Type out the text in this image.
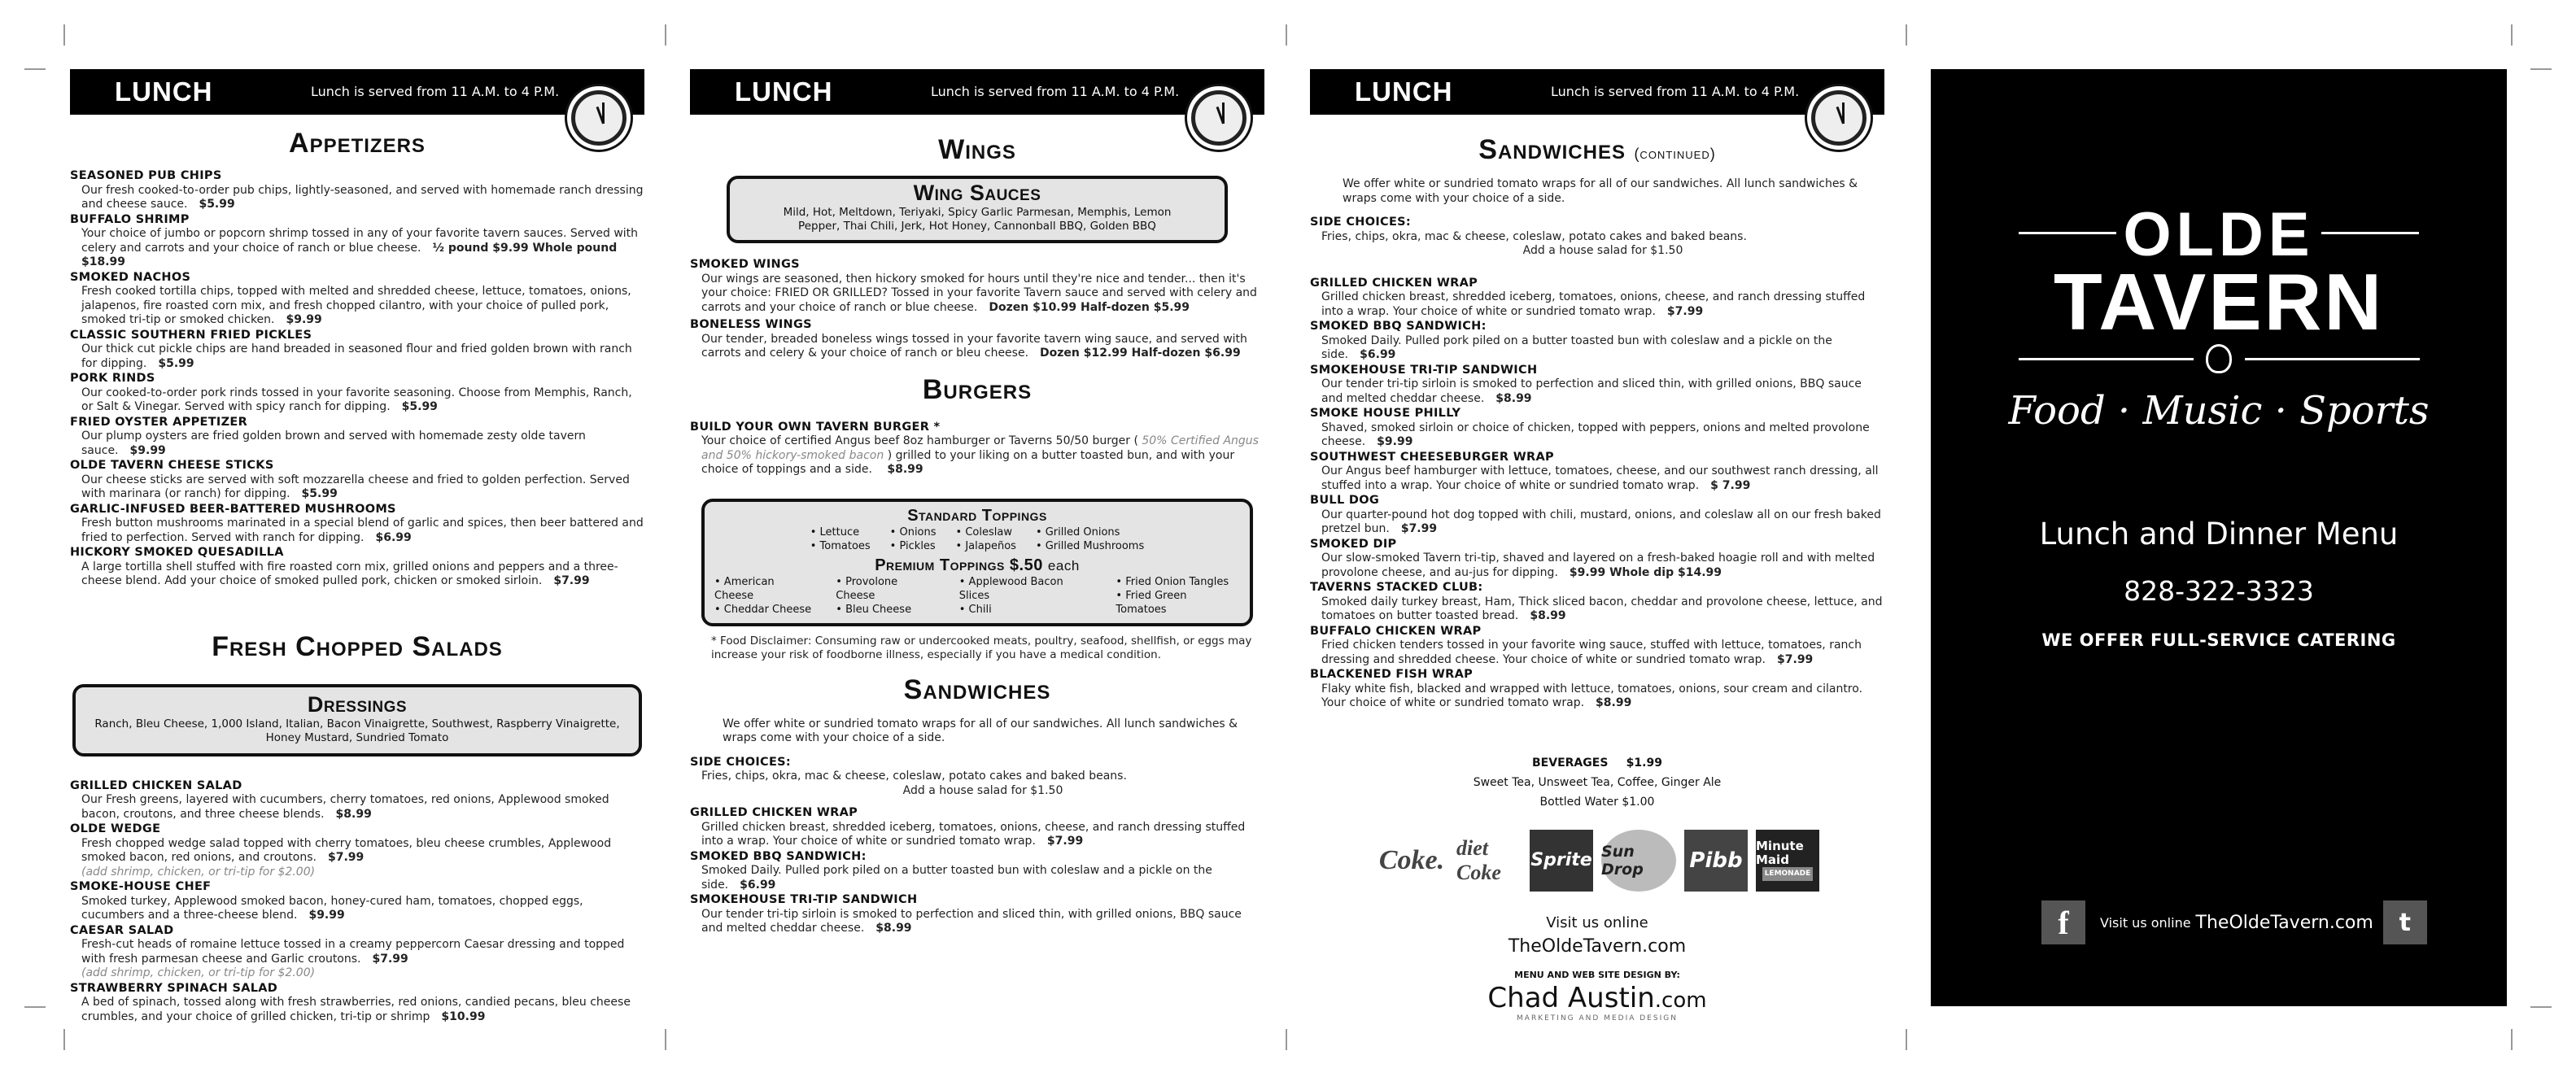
LUNCH	Lunch is served from 11 A.M. to 4 P.M.
Appetizers
SEASONED PUB CHIPS
Our fresh cooked-to-order pub chips, lightly-seasoned, and served with homemade ranch dressing and cheese sauce. $5.99
BUFFALO SHRIMP
Your choice of jumbo or popcorn shrimp tossed in any of your favorite tavern sauces. Served with celery and carrots and your choice of ranch or blue cheese. ½ pound $9.99 Whole pound $18.99
SMOKED NACHOS
Fresh cooked tortilla chips, topped with melted and shredded cheese, lettuce, tomatoes, onions, jalapenos, fire roasted corn mix, and fresh chopped cilantro, with your choice of pulled pork, smoked tri-tip or smoked chicken. $9.99
CLASSIC SOUTHERN FRIED PICKLES
Our thick cut pickle chips are hand breaded in seasoned flour and fried golden brown with ranch for dipping. $5.99
PORK RINDS
Our cooked-to-order pork rinds tossed in your favorite seasoning. Choose from Memphis, Ranch, or Salt & Vinegar. Served with spicy ranch for dipping. $5.99
FRIED OYSTER APPETIZER
Our plump oysters are fried golden brown and served with homemade zesty olde tavern sauce. $9.99
OLDE TAVERN CHEESE STICKS
Our cheese sticks are served with soft mozzarella cheese and fried to golden perfection. Served with marinara (or ranch) for dipping. $5.99
GARLIC-INFUSED BEER-BATTERED MUSHROOMS
Fresh button mushrooms marinated in a special blend of garlic and spices, then beer battered and fried to perfection. Served with ranch for dipping. $6.99
HICKORY SMOKED QUESADILLA
A large tortilla shell stuffed with fire roasted corn mix, grilled onions and peppers and a three-cheese blend. Add your choice of smoked pulled pork, chicken or smoked sirloin. $7.99
Fresh Chopped Salads
Dressings
Ranch, Bleu Cheese, 1,000 Island, Italian, Bacon Vinaigrette, Southwest, Raspberry Vinaigrette, Honey Mustard, Sundried Tomato
GRILLED CHICKEN SALAD
Our Fresh greens, layered with cucumbers, cherry tomatoes, red onions, Applewood smoked bacon, croutons, and three cheese blends. $8.99
OLDE WEDGE
Fresh chopped wedge salad topped with cherry tomatoes, bleu cheese crumbles, Applewood smoked bacon, red onions, and croutons. $7.99
(add shrimp, chicken, or tri-tip for $2.00)
SMOKE-HOUSE CHEF
Smoked turkey, Applewood smoked bacon, honey-cured ham, tomatoes, chopped eggs, cucumbers and a three-cheese blend. $9.99
CAESAR SALAD
Fresh-cut heads of romaine lettuce tossed in a creamy peppercorn Caesar dressing and topped with fresh parmesan cheese and Garlic croutons. $7.99
(add shrimp, chicken, or tri-tip for $2.00)
STRAWBERRY SPINACH SALAD
A bed of spinach, tossed along with fresh strawberries, red onions, candied pecans, bleu cheese crumbles, and your choice of grilled chicken, tri-tip or shrimp $10.99
LUNCH	Lunch is served from 11 A.M. to 4 P.M.
Wings
Wing Sauces
Mild, Hot, Meltdown, Teriyaki, Spicy Garlic Parmesan, Memphis, Lemon Pepper, Thai Chili, Jerk, Hot Honey, Cannonball BBQ, Golden BBQ
SMOKED WINGS
Our wings are seasoned, then hickory smoked for hours until they're nice and tender... then it's your choice: FRIED OR GRILLED? Tossed in your favorite Tavern sauce and served with celery and carrots and your choice of ranch or blue cheese. Dozen $10.99 Half-dozen $5.99
BONELESS WINGS
Our tender, breaded boneless wings tossed in your favorite tavern wing sauce, and served with carrots and celery & your choice of ranch or bleu cheese. Dozen $12.99 Half-dozen $6.99
Burgers
BUILD YOUR OWN TAVERN BURGER *
Your choice of certified Angus beef 8oz hamburger or Taverns 50/50 burger ( 50% Certified Angus and 50% hickory-smoked bacon ) grilled to your liking on a butter toasted bun, and with your choice of toppings and a side. $8.99
Standard Toppings
• Lettuce
• Tomatoes
• Onions
• Pickles
• Coleslaw
• Jalapeños
• Grilled Onions
• Grilled Mushrooms
Premium Toppings $.50 each
• American Cheese
• Cheddar Cheese
• Provolone Cheese
• Bleu Cheese
• Applewood Bacon Slices
• Chili
• Fried Onion Tangles
• Fried Green Tomatoes
* Food Disclaimer: Consuming raw or undercooked meats, poultry, seafood, shellfish, or eggs may increase your risk of foodborne illness, especially if you have a medical condition.
Sandwiches
We offer white or sundried tomato wraps for all of our sandwiches. All lunch sandwiches & wraps come with your choice of a side.
SIDE CHOICES:
Fries, chips, okra, mac & cheese, coleslaw, potato cakes and baked beans.
Add a house salad for $1.50
GRILLED CHICKEN WRAP
Grilled chicken breast, shredded iceberg, tomatoes, onions, cheese, and ranch dressing stuffed into a wrap. Your choice of white or sundried tomato wrap. $7.99
SMOKED BBQ SANDWICH:
Smoked Daily. Pulled pork piled on a butter toasted bun with coleslaw and a pickle on the side. $6.99
SMOKEHOUSE TRI-TIP SANDWICH
Our tender tri-tip sirloin is smoked to perfection and sliced thin, with grilled onions, BBQ sauce and melted cheddar cheese. $8.99
LUNCH	Lunch is served from 11 A.M. to 4 P.M.
Sandwiches (continued)
We offer white or sundried tomato wraps for all of our sandwiches. All lunch sandwiches & wraps come with your choice of a side.
SIDE CHOICES:
Fries, chips, okra, mac & cheese, coleslaw, potato cakes and baked beans.
Add a house salad for $1.50
GRILLED CHICKEN WRAP
Grilled chicken breast, shredded iceberg, tomatoes, onions, cheese, and ranch dressing stuffed into a wrap. Your choice of white or sundried tomato wrap. $7.99
SMOKED BBQ SANDWICH:
Smoked Daily. Pulled pork piled on a butter toasted bun with coleslaw and a pickle on the side. $6.99
SMOKEHOUSE TRI-TIP SANDWICH
Our tender tri-tip sirloin is smoked to perfection and sliced thin, with grilled onions, BBQ sauce and melted cheddar cheese. $8.99
SMOKE HOUSE PHILLY
Shaved, smoked sirloin or choice of chicken, topped with peppers, onions and melted provolone cheese. $9.99
SOUTHWEST CHEESEBURGER WRAP
Our Angus beef hamburger with lettuce, tomatoes, cheese, and our southwest ranch dressing, all stuffed into a wrap. Your choice of white or sundried tomato wrap. $ 7.99
BULL DOG
Our quarter-pound hot dog topped with chili, mustard, onions, and coleslaw all on our fresh baked pretzel bun. $7.99
SMOKED DIP
Our slow-smoked Tavern tri-tip, shaved and layered on a fresh-baked hoagie roll and with melted provolone cheese, and au-jus for dipping. $9.99 Whole dip $14.99
TAVERNS STACKED CLUB:
Smoked daily turkey breast, Ham, Thick sliced bacon, cheddar and provolone cheese, lettuce, and tomatoes on butter toasted bread. $8.99
BUFFALO CHICKEN WRAP
Fried chicken tenders tossed in your favorite wing sauce, stuffed with lettuce, tomatoes, ranch dressing and shredded cheese. Your choice of white or sundried tomato wrap. $7.99
BLACKENED FISH WRAP
Flaky white fish, blacked and wrapped with lettuce, tomatoes, onions, sour cream and cilantro. Your choice of white or sundried tomato wrap. $8.99
BEVERAGES $1.99
Sweet Tea, Unsweet Tea, Coffee, Ginger Ale
Bottled Water $1.00
Coke. diet Coke	Sprite Sun Drop	Pibb
Minute Maid
LEMONADE
Visit us online
TheOldeTavern.com
MENU AND WEB SITE DESIGN BY:
Chad Austin.com
MARKETING AND MEDIA DESIGN
OLDE
TAVERN
Food · Music · Sports
Lunch and Dinner Menu
828-322-3323
WE OFFER FULL-SERVICE CATERING
f	Visit us online TheOldeTavern.com	t
